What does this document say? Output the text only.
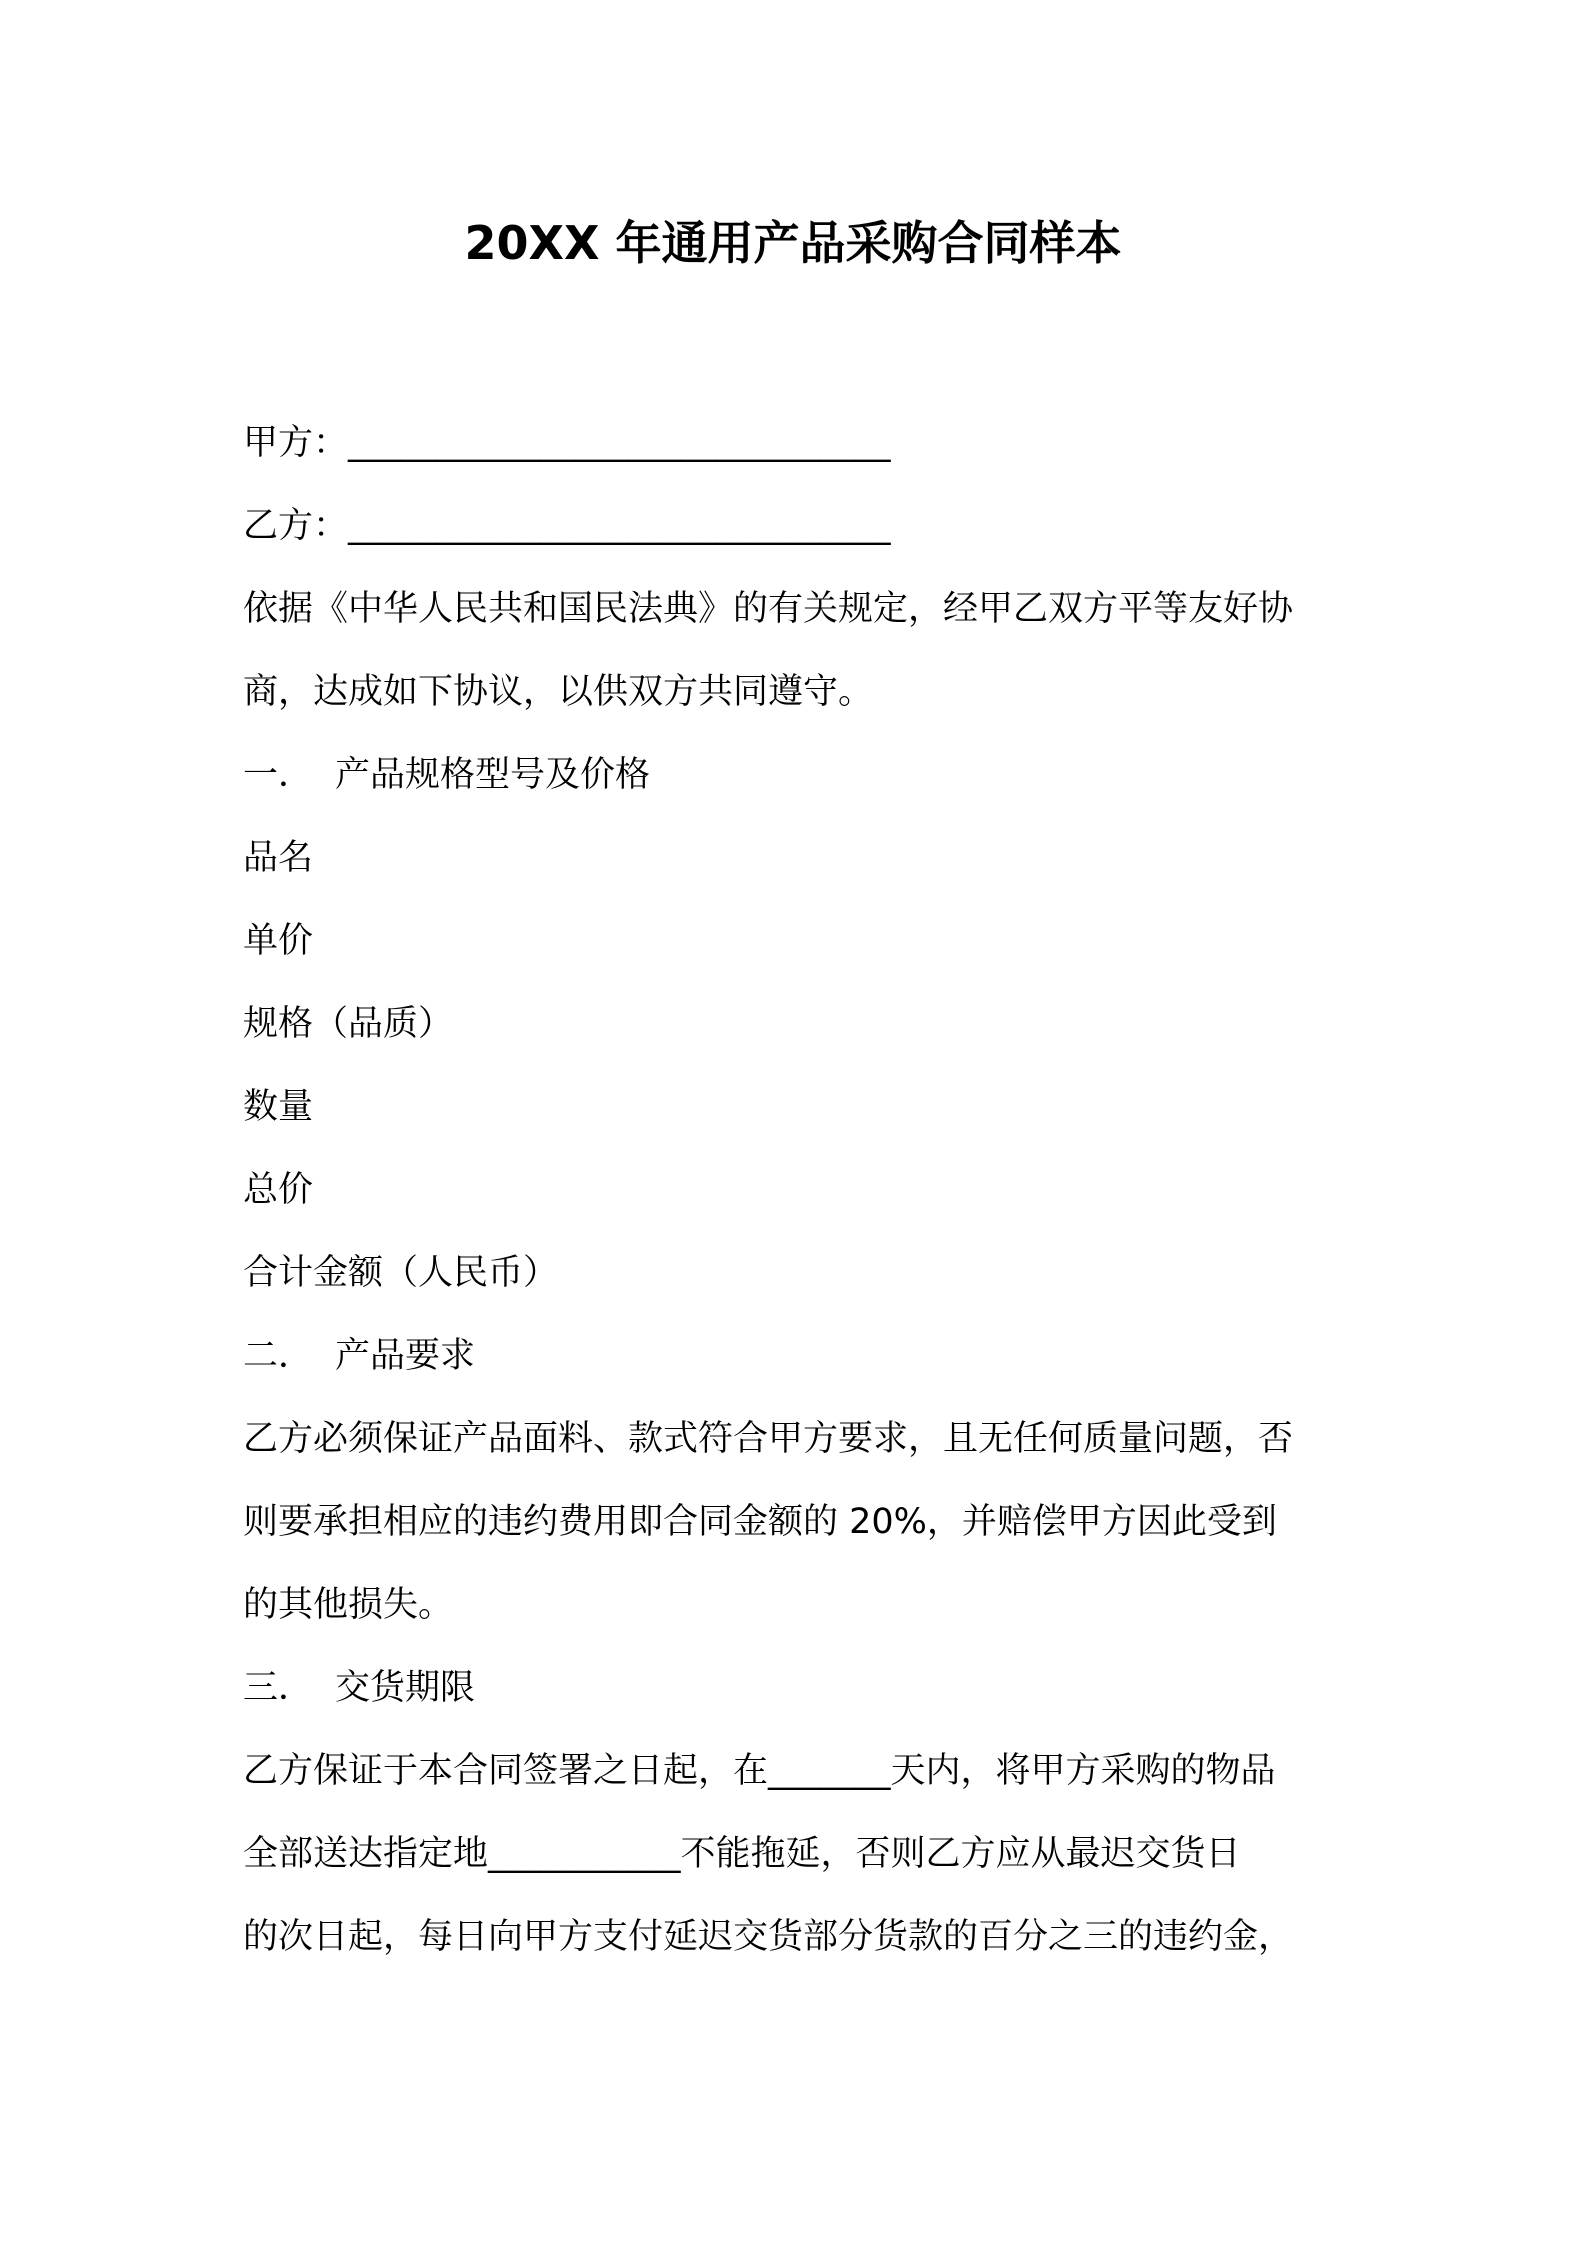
20XX 年通用产品采购合同样本
甲方：_______________________________
乙方：_______________________________
依据《中华人民共和国民法典》的有关规定，经甲乙双方平等友好协
商，达成如下协议，以供双方共同遵守。
一． 产品规格型号及价格
品名
单价
规格（品质）
数量
总价
合计金额（人民币）
二． 产品要求
乙方必须保证产品面料、款式符合甲方要求，且无任何质量问题，否
则要承担相应的违约费用即合同金额的 20%，并赔偿甲方因此受到
的其他损失。
三． 交货期限
乙方保证于本合同签署之日起，在_______天内，将甲方采购的物品
全部送达指定地___________不能拖延，否则乙方应从最迟交货日
的次日起，每日向甲方支付延迟交货部分货款的百分之三的违约金，
